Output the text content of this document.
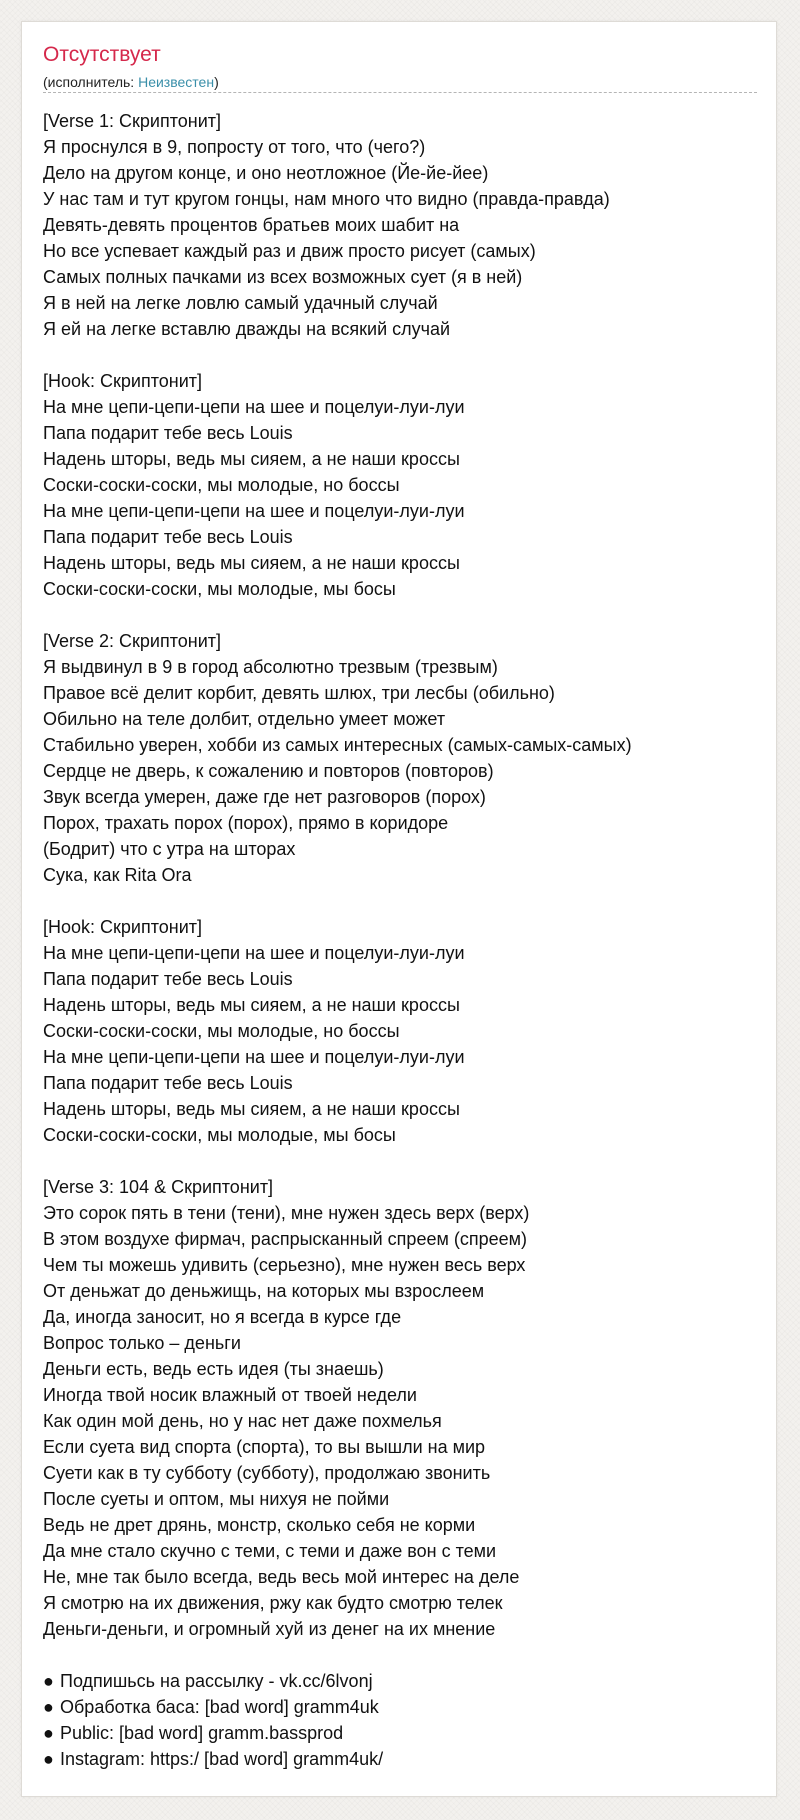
Отсутствует
(исполнитель: Неизвестен)
[Verse 1: Скриптонит]
Я проснулся в 9, попросту от того, что (чего?)
Дело на другом конце, и оно неотложное (Йе-йе-йее)
У нас там и тут кругом гонцы, нам много что видно (правда-правда)
Девять-девять процентов братьев моих шабит на
Но все успевает каждый раз и движ просто рисует (самых)
Самых полных пачками из всех возможных сует (я в ней)
Я в ней на легке ловлю самый удачный случай
Я ей на легке вставлю дважды на всякий случай
[Hook: Скриптонит]
На мне цепи-цепи-цепи на шее и поцелуи-луи-луи
Папа подарит тебе весь Louis
Надень шторы, ведь мы сияем, а не наши кроссы
Соски-соски-соски, мы молодые, но боссы
На мне цепи-цепи-цепи на шее и поцелуи-луи-луи
Папа подарит тебе весь Louis
Надень шторы, ведь мы сияем, а не наши кроссы
Соски-соски-соски, мы молодые, мы босы
[Verse 2: Скриптонит]
Я выдвинул в 9 в город абсолютно трезвым (трезвым)
Правое всё делит корбит, девять шлюх, три лесбы (обильно)
Обильно на теле долбит, отдельно умеет может
Стабильно уверен, хобби из самых интересных (самых-самых-самых)
Сердце не дверь, к сожалению и повторов (повторов)
Звук всегда умерен, даже где нет разговоров (порох)
Порох, трахать порох (порох), прямо в коридоре
(Бодрит) что с утра на шторах
Сука, как Rita Ora
[Hook: Скриптонит]
На мне цепи-цепи-цепи на шее и поцелуи-луи-луи
Папа подарит тебе весь Louis
Надень шторы, ведь мы сияем, а не наши кроссы
Соски-соски-соски, мы молодые, но боссы
На мне цепи-цепи-цепи на шее и поцелуи-луи-луи
Папа подарит тебе весь Louis
Надень шторы, ведь мы сияем, а не наши кроссы
Соски-соски-соски, мы молодые, мы босы
[Verse 3: 104 & Скриптонит]
Это сорок пять в тени (тени), мне нужен здесь верх (верх)
В этом воздухе фирмач, распрысканный спреем (спреем)
Чем ты можешь удивить (серьезно), мне нужен весь верх
От деньжат до деньжищь, на которых мы взрослеем
Да, иногда заносит, но я всегда в курсе где
Вопрос только – деньги
Деньги есть, ведь есть идея (ты знаешь)
Иногда твой носик влажный от твоей недели
Как один мой день, но у нас нет даже похмелья
Если суета вид спорта (спорта), то вы вышли на мир
Суети как в ту субботу (субботу), продолжаю звонить
После суеты и оптом, мы нихуя не пойми
Ведь не дрет дрянь, монстр, сколько себя не корми
Да мне стало скучно с теми, с теми и даже вон с теми
Не, мне так было всегда, ведь весь мой интерес на деле
Я смотрю на их движения, ржу как будто смотрю телек
Деньги-деньги, и огромный хуй из денег на их мнение
● Подпишьсь на рассылку - vk.cc/6lvonj
● Обработка баса: [bad word] gramm4uk
● Public: [bad word] gramm.bassprod
● Instagram: https:/ [bad word] gramm4uk/
